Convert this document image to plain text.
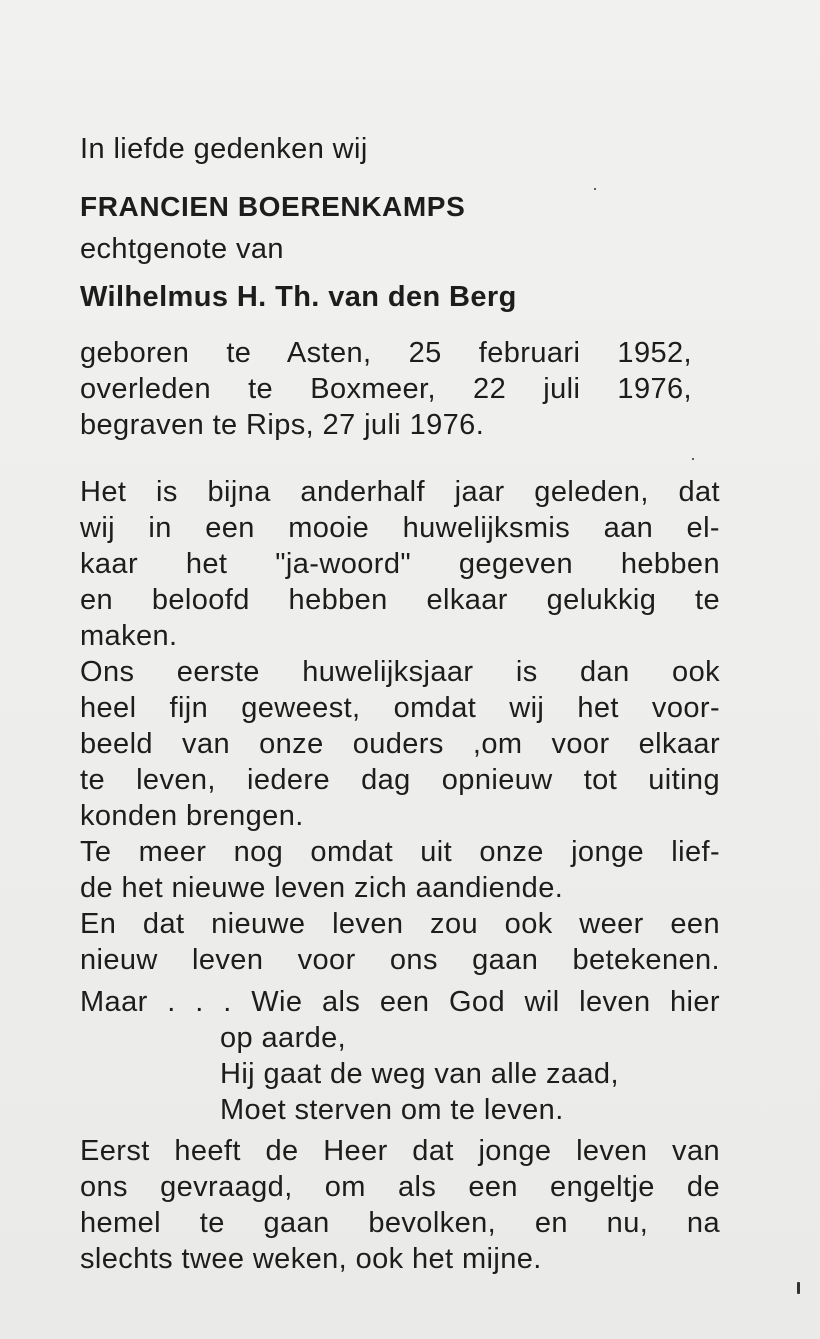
In liefde gedenken wij

FRANCIEN BOERENKAMPS

echtgenote van

Wilhelmus H. Th. van den Berg

geboren te Asten, 25 februari 1952,

overleden te Boxmeer, 22 juli 1976,

begraven te Rips, 27 juli 1976.

Het is bijna anderhalf jaar geleden, dat

wij in een mooie huwelijksmis aan el-

kaar het "ja-woord" gegeven hebben

en beloofd hebben elkaar gelukkig te

maken.

Ons eerste huwelijksjaar is dan ook

heel fijn geweest, omdat wij het voor-

beeld van onze ouders ,om voor elkaar

te leven, iedere dag opnieuw tot uiting

konden brengen.

Te meer nog omdat uit onze jonge lief-

de het nieuwe leven zich aandiende.

En dat nieuwe leven zou ook weer een

nieuw leven voor ons gaan betekenen.

Maar . . . Wie als een God wil leven hier

op aarde,

Hij gaat de weg van alle zaad,

Moet sterven om te leven.

Eerst heeft de Heer dat jonge leven van

ons gevraagd, om als een engeltje de

hemel te gaan bevolken, en nu, na

slechts twee weken, ook het mijne.
